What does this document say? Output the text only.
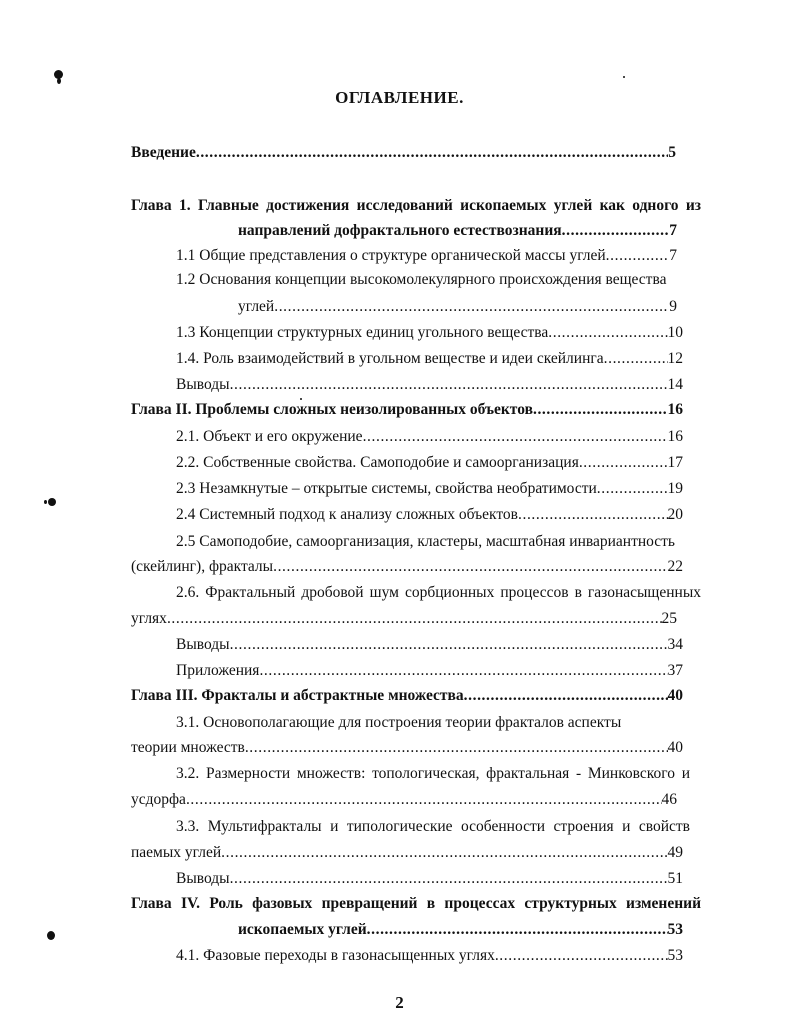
ОГЛАВЛЕНИЕ.
Введение .....	5
Глава 1. Главные достижения исследований ископаемых углей как одного из
направлений дофрактального естествознания .....	7
1.1 Общие представления о структуре органической массы углей .....	7
1.2 Основания концепции высокомолекулярного происхождения вещества
углей .....	9
1.3 Концепции структурных единиц угольного вещества .....	10
1.4. Роль взаимодействий в угольном веществе и идеи скейлинга .....	12
Выводы .....	14
Глава II. Проблемы сложных неизолированных объектов .....	16
2.1. Объект и его окружение .....	16
2.2. Собственные свойства. Самоподобие и самоорганизация .....	17
2.3 Незамкнутые – открытые системы, свойства необратимости .....	19
2.4 Системный подход к анализу сложных объектов .....	20
2.5 Самоподобие, самоорганизация, кластеры, масштабная инвариантность
(скейлинг), фракталы .....	22
2.6. Фрактальный дробовой шум сорбционных процессов в газонасыщенных
углях .....	25
Выводы .....	34
Приложения .....	37
Глава III. Фракталы и абстрактные множества .....	40
3.1. Основополагающие для построения теории фракталов аспекты
теории множеств .....	40
3.2. Размерности множеств: топологическая, фрактальная - Минковского и
усдорфа .....	46
3.3. Мультифракталы и типологические особенности строения и свойств
паемых углей .....	49
Выводы .....	51
Глава IV. Роль фазовых превращений в процессах структурных изменений
ископаемых углей .....	53
4.1. Фазовые переходы в газонасыщенных углях .....	53
2
